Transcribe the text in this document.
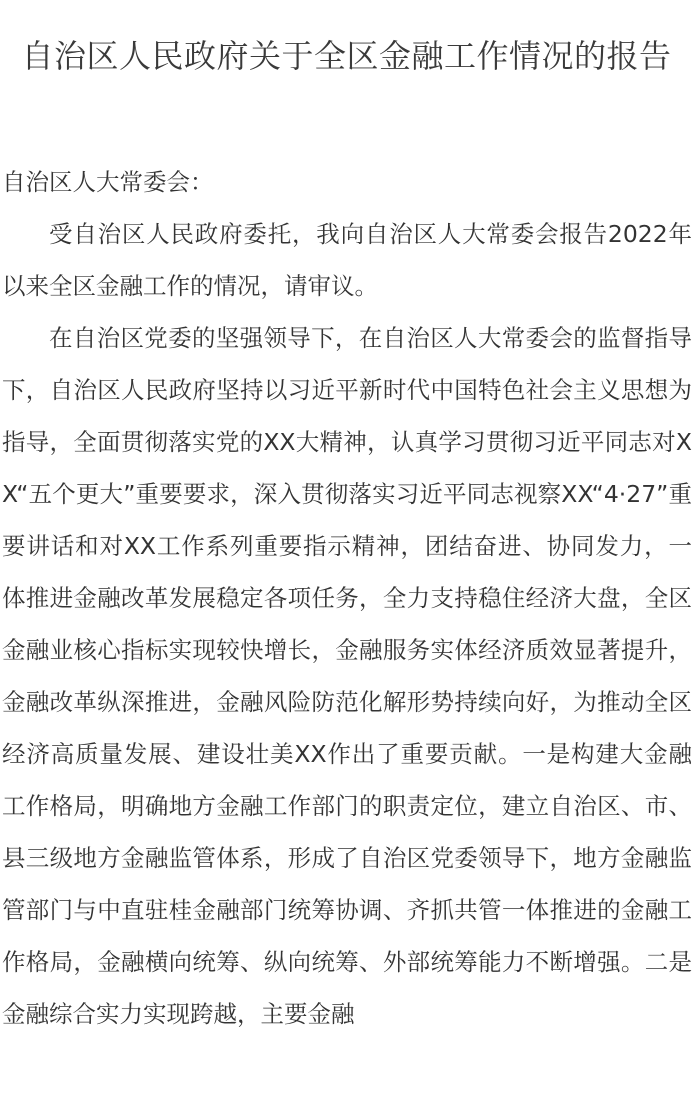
自治区人民政府关于全区金融工作情况的报告

自治区人大常委会：

受自治区人民政府委托，我向自治区人大常委会报告2022年以来全区金融工作的情况，请审议。

在自治区党委的坚强领导下，在自治区人大常委会的监督指导下，自治区人民政府坚持以习近平新时代中国特色社会主义思想为指导，全面贯彻落实党的XX大精神，认真学习贯彻习近平同志对XX“五个更大”重要要求，深入贯彻落实习近平同志视察XX“4·27”重要讲话和对XX工作系列重要指示精神，团结奋进、协同发力，一体推进金融改革发展稳定各项任务，全力支持稳住经济大盘，全区金融业核心指标实现较快增长，金融服务实体经济质效显著提升，金融改革纵深推进，金融风险防范化解形势持续向好，为推动全区经济高质量发展、建设壮美XX作出了重要贡献。一是构建大金融工作格局，明确地方金融工作部门的职责定位，建立自治区、市、县三级地方金融监管体系，形成了自治区党委领导下，地方金融监管部门与中直驻桂金融部门统筹协调、齐抓共管一体推进的金融工作格局，金融横向统筹、纵向统筹、外部统筹能力不断增强。二是金融综合实力实现跨越，主要金融
